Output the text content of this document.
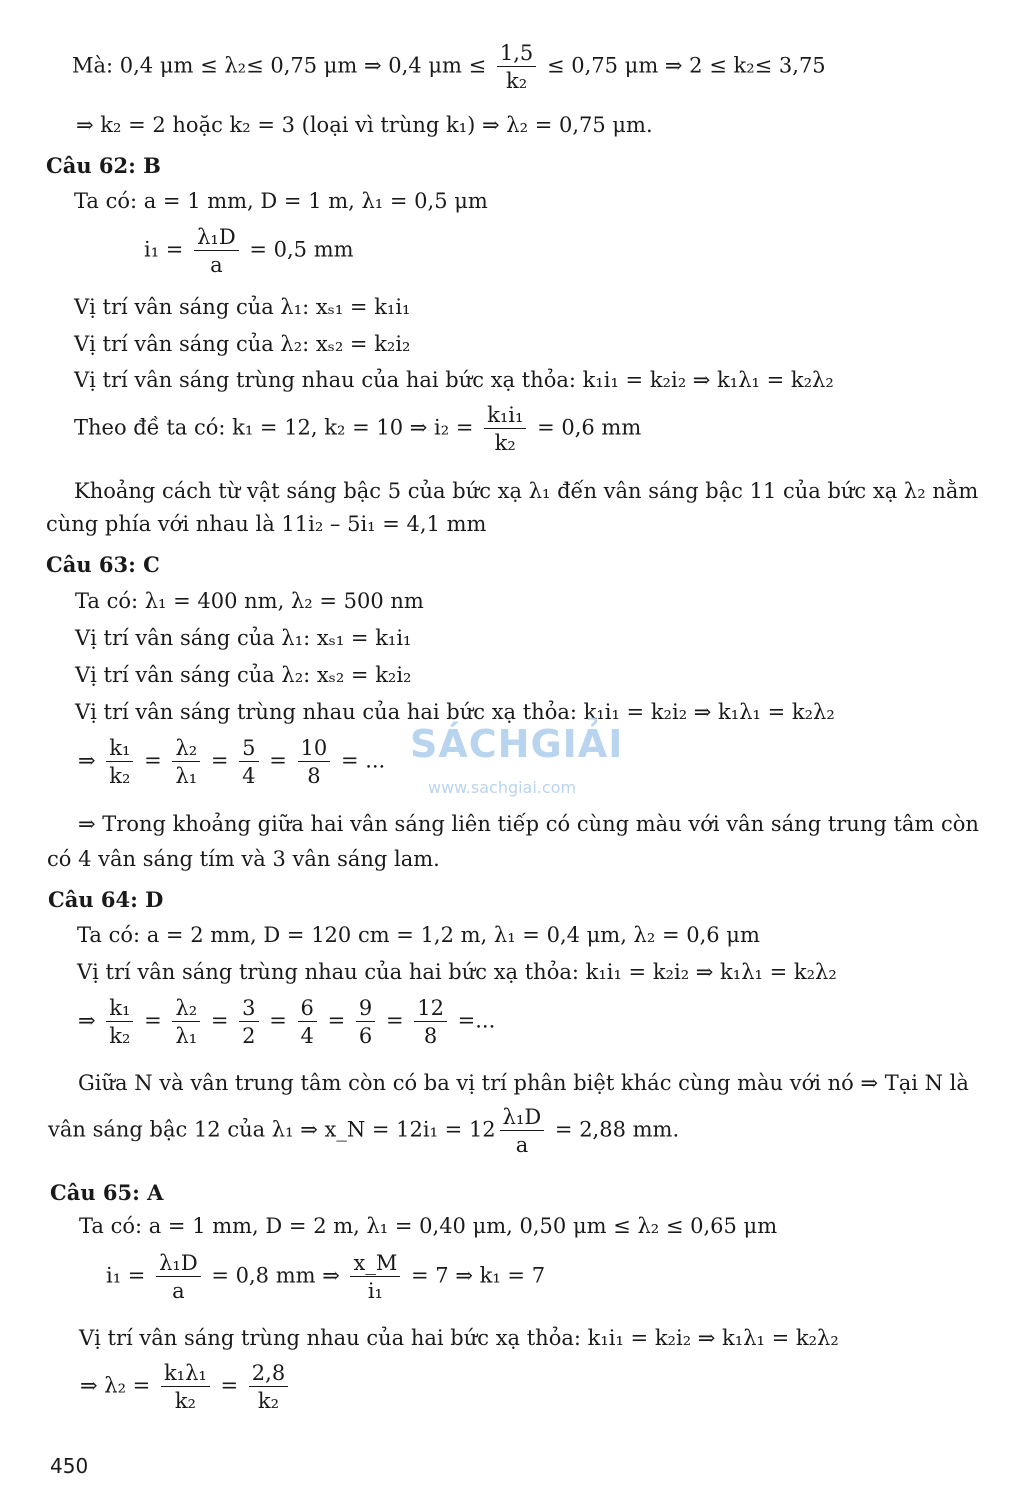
Mà: 0,4 μm ≤ λ₂≤ 0,75 μm ⇒ 0,4 $\mu m \le \frac{1,5}{\text{k₂}} \le 0,75$ μm ⇒ 2 ≤ k₂≤ 3,75
⇒ k₂ = 2 hoặc k₂ = 3 (loại vì trùng k₁) ⇒ λ₂ = 0,75 μm.
Câu 62: B
Ta có: a = 1 mm, D = 1 m, λ₁ = 0,5 μm
$i_1 = \frac{\text{λ₁D}}{a} = 0,5$ mm
Vị trí vân sáng của λ₁: xₛ₁ = k₁i₁
Vị trí vân sáng của λ₂: xₛ₂ = k₂i₂
Vị trí vân sáng trùng nhau của hai bức xạ thỏa: k₁i₁ = k₂i₂ ⇒ k₁λ₁ = k₂λ₂
Theo đề ta có: k₁ = 12, k₂ = 10 ⇒ $i_2 = \frac{\text{k₁i₁}}{\text{k₂}} = 0,6$ mm
Khoảng cách từ vật sáng bậc 5 của bức xạ λ₁ đến vân sáng bậc 11 của bức xạ λ₂ nằm
cùng phía với nhau là 11i₂ – 5i₁ = 4,1 mm
Câu 63: C
Ta có: λ₁ = 400 nm, λ₂ = 500 nm
Vị trí vân sáng của λ₁: xₛ₁ = k₁i₁
Vị trí vân sáng của λ₂: xₛ₂ = k₂i₂
Vị trí vân sáng trùng nhau của hai bức xạ thỏa: k₁i₁ = k₂i₂ ⇒ k₁λ₁ = k₂λ₂
⇒ $\frac{\text{k₁}}{\text{k₂}} = \frac{\text{λ₂}}{\text{λ₁}} = \frac{5}{4} = \frac{10}{8}$ = ... SÁCHGIẢI
www.sachgiai.com
⇒ Trong khoảng giữa hai vân sáng liên tiếp có cùng màu với vân sáng trung tâm còn
có 4 vân sáng tím và 3 vân sáng lam.
Câu 64: D
Ta có: a = 2 mm, D = 120 cm = 1,2 m, λ₁ = 0,4 μm, λ₂ = 0,6 μm
Vị trí vân sáng trùng nhau của hai bức xạ thỏa: k₁i₁ = k₂i₂ ⇒ k₁λ₁ = k₂λ₂
⇒ $\frac{\text{k₁}}{\text{k₂}} = \frac{\text{λ₂}}{\text{λ₁}} = \frac{3}{2} = \frac{6}{4} = \frac{9}{6} = \frac{12}{8}$ =...
Giữa N và vân trung tâm còn có ba vị trí phân biệt khác cùng màu với nó ⇒ Tại N là
vân sáng bậc 12 của λ₁ ⇒ x_N = $12i_1 = 12 \frac{\text{λ₁D}}{a} = 2,88$ mm.
Câu 65: A
Ta có: a = 1 mm, D = 2 m, λ₁ = 0,40 μm, 0,50 μm ≤ λ₂ ≤ 0,65 μm
$i_1 = \frac{\text{λ₁D}}{a} = 0,8$ mm ⇒ $\frac{x\_M}{\text{i₁}} = 7$ ⇒ k₁ = 7
Vị trí vân sáng trùng nhau của hai bức xạ thỏa: k₁i₁ = k₂i₂ ⇒ k₁λ₁ = k₂λ₂
⇒ $\lambda_2 = \frac{\text{k₁λ₁}}{\text{k₂}} = \frac{2,8}{\text{k₂}}$
450
